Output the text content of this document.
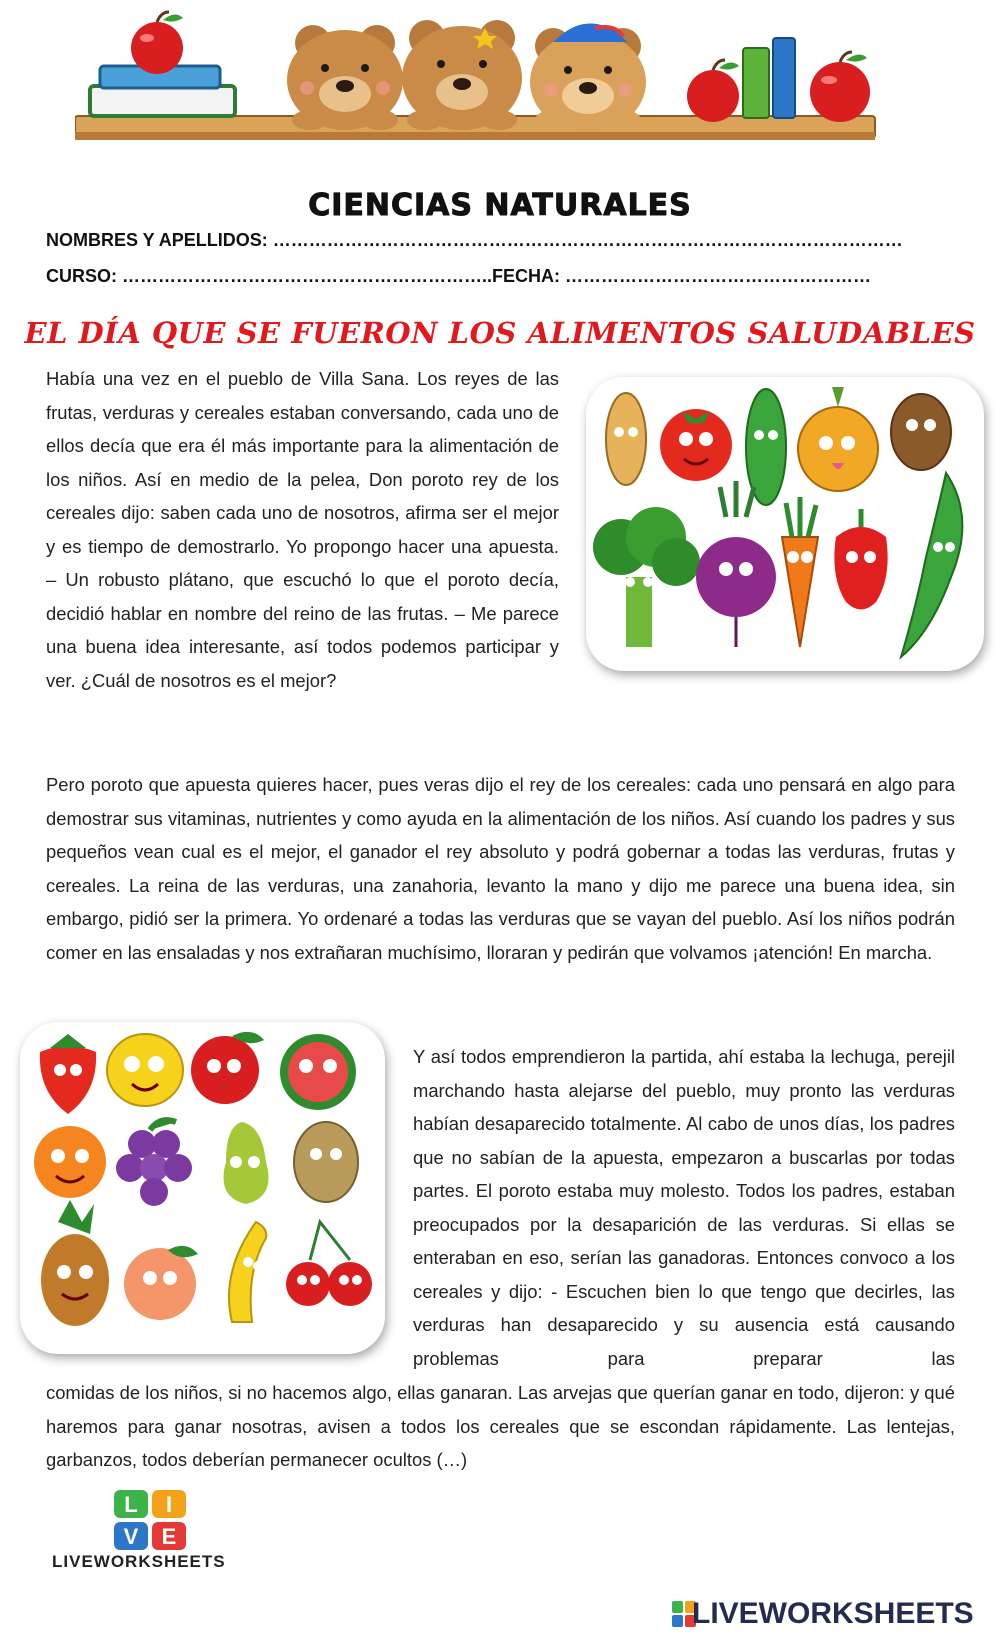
CIENCIAS NATURALES
NOMBRES Y APELLIDOS: ……………………………………………………………………………………………
CURSO: ……………………………………………………..FECHA: ……………………………………………
EL DÍA QUE SE FUERON LOS ALIMENTOS SALUDABLES
Había una vez en el pueblo de Villa Sana. Los reyes de las frutas, verduras y cereales estaban conversando, cada uno de ellos decía que era él más importante para la alimentación de los niños. Así en medio de la pelea, Don poroto rey de los cereales dijo: saben cada uno de nosotros, afirma ser el mejor y es tiempo de demostrarlo. Yo propongo hacer una apuesta. – Un robusto plátano, que escuchó lo que el poroto decía, decidió hablar en nombre del reino de las frutas. – Me parece una buena idea interesante, así todos podemos participar y ver. ¿Cuál de nosotros es el mejor?
Pero poroto que apuesta quieres hacer, pues veras dijo el rey de los cereales: cada uno pensará en algo para demostrar sus vitaminas, nutrientes y como ayuda en la alimentación de los niños. Así cuando los padres y sus pequeños vean cual es el mejor, el ganador el rey absoluto y podrá gobernar a todas las verduras, frutas y cereales. La reina de las verduras, una zanahoria, levanto la mano y dijo me parece una buena idea, sin embargo, pidió ser la primera. Yo ordenaré a todas las verduras que se vayan del pueblo. Así los niños podrán comer en las ensaladas y nos extrañaran muchísimo, lloraran y pedirán que volvamos ¡atención! En marcha.
Y así todos emprendieron la partida, ahí estaba la lechuga, perejil marchando hasta alejarse del pueblo, muy pronto las verduras habían desaparecido totalmente. Al cabo de unos días, los padres que no sabían de la apuesta, empezaron a buscarlas por todas partes. El poroto estaba muy molesto. Todos los padres, estaban preocupados por la desaparición de las verduras. Si ellas se enteraban en eso, serían las ganadoras. Entonces convoco a los cereales y dijo: - Escuchen bien lo que tengo que decirles, las verduras han desaparecido y su ausencia está causando problemas para preparar las
comidas de los niños, si no hacemos algo, ellas ganaran. Las arvejas que querían ganar en todo, dijeron: y qué haremos para ganar nosotras, avisen a todos los cereales que se escondan rápidamente. Las lentejas, garbanzos, todos deberían permanecer ocultos (…)
L I
V E
LIVEWORKSHEETS
LIVEWORKSHEETS
